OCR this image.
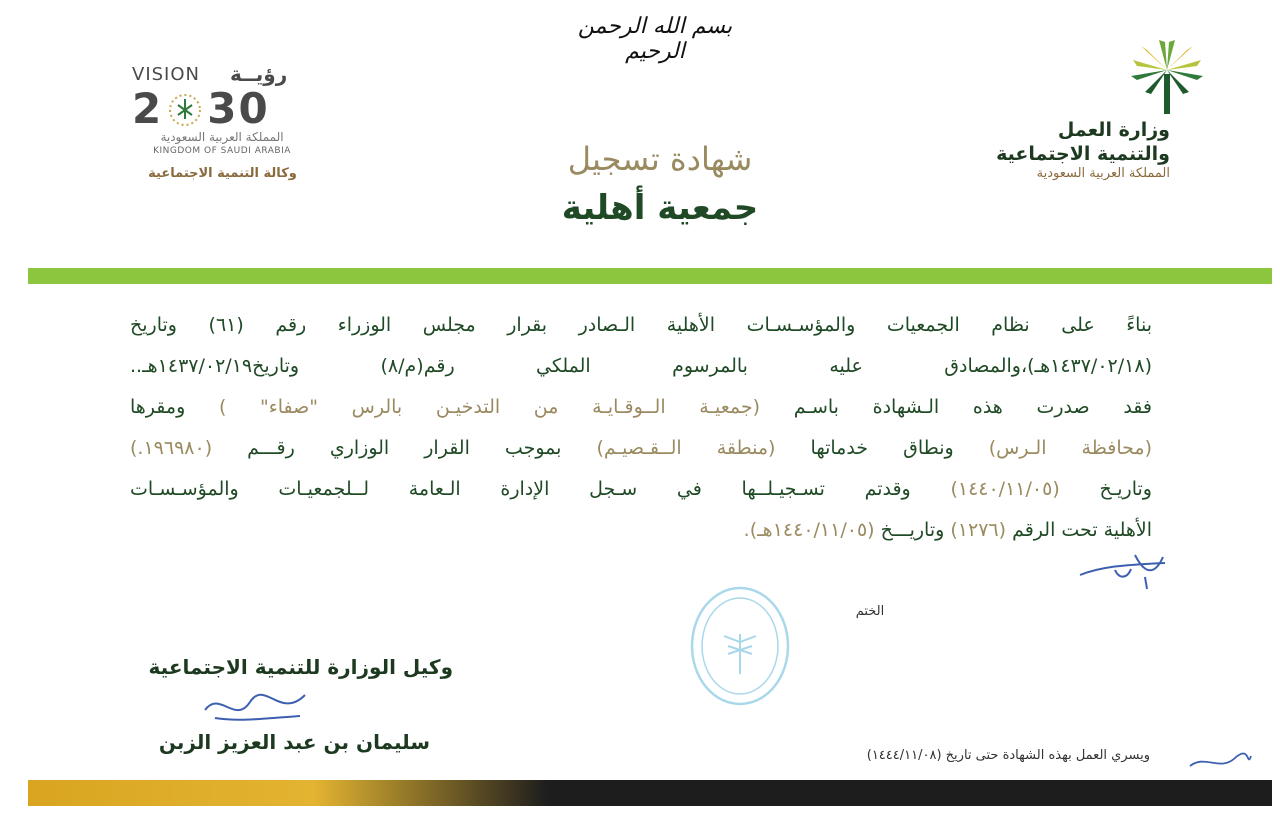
بسم الله الرحمن الرحيم
وزارة العمل
والتنمية الاجتماعية
المملكة العربية السعودية
VISION رؤيــة
2 30
المملكة العربية السعودية
KINGDOM OF SAUDI ARABIA
وكالة التنمية الاجتماعية	شهادة تسجيل
جمعية أهلية
بناءً على نظام الجمعيات والمؤسـسـات الأهلية الـصادر بقرار مجلس الوزراء رقم (٦١) وتاريخ
(١٤٣٧/٠٢/١٨هـ)،والمصادق عليه بالمرسوم الملكي رقم(م/٨) وتاريخ١٤٣٧/٠٢/١٩هـ..
فقد صدرت هذه الـشهادة باسـم (جمعيـة الــوقـايـة من التدخيـن بالرس "صفاء" ) ومقرها
(محافظة الـرس) ونطاق خدماتها (منطقة الــقـصيـم) بموجب القرار الوزاري رقـــم (١٩٦٩٨٠.)
وتاريـخ (١٤٤٠/١١/٠٥) وقدتم تسـجيـلــها في سـجل الإدارة الـعامة لــلجمعيـات والمؤسـسـات
الأهلية تحت الرقم (١٢٧٦) وتاريـــخ (١٤٤٠/١١/٠٥هـ).
الختم
وكيل الوزارة للتنمية الاجتماعية
سليمان بن عبد العزيز الزبن
ويسري العمل بهذه الشهادة حتى تاريخ (١٤٤٤/١١/٠٨)
